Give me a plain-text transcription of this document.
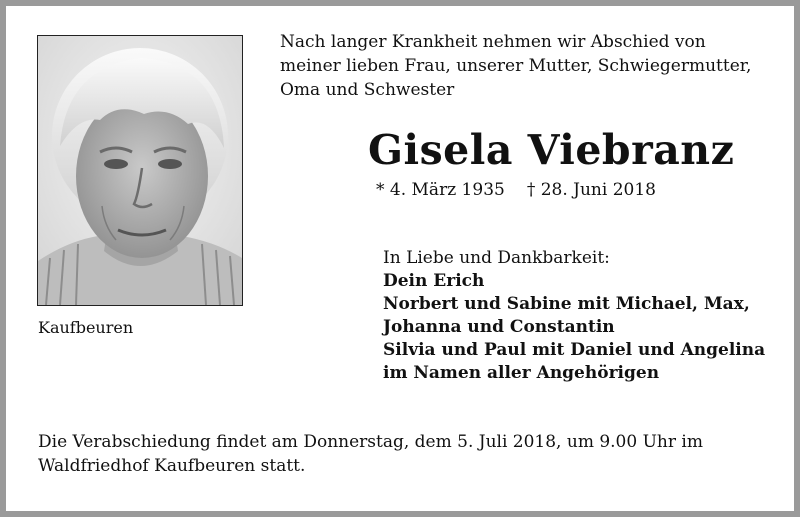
Kaufbeuren
Nach langer Krankheit nehmen wir Abschied von
meiner lieben Frau, unserer Mutter, Schwiegermutter,
Oma und Schwester
Gisela Viebranz
* 4. März 1935 † 28. Juni 2018
In Liebe und Dankbarkeit:
Dein Erich
Norbert und Sabine mit Michael, Max,
Johanna und Constantin
Silvia und Paul mit Daniel und Angelina
im Namen aller Angehörigen
Die Verabschiedung findet am Donnerstag, dem 5. Juli 2018, um 9.00 Uhr im
Waldfriedhof Kaufbeuren statt.
